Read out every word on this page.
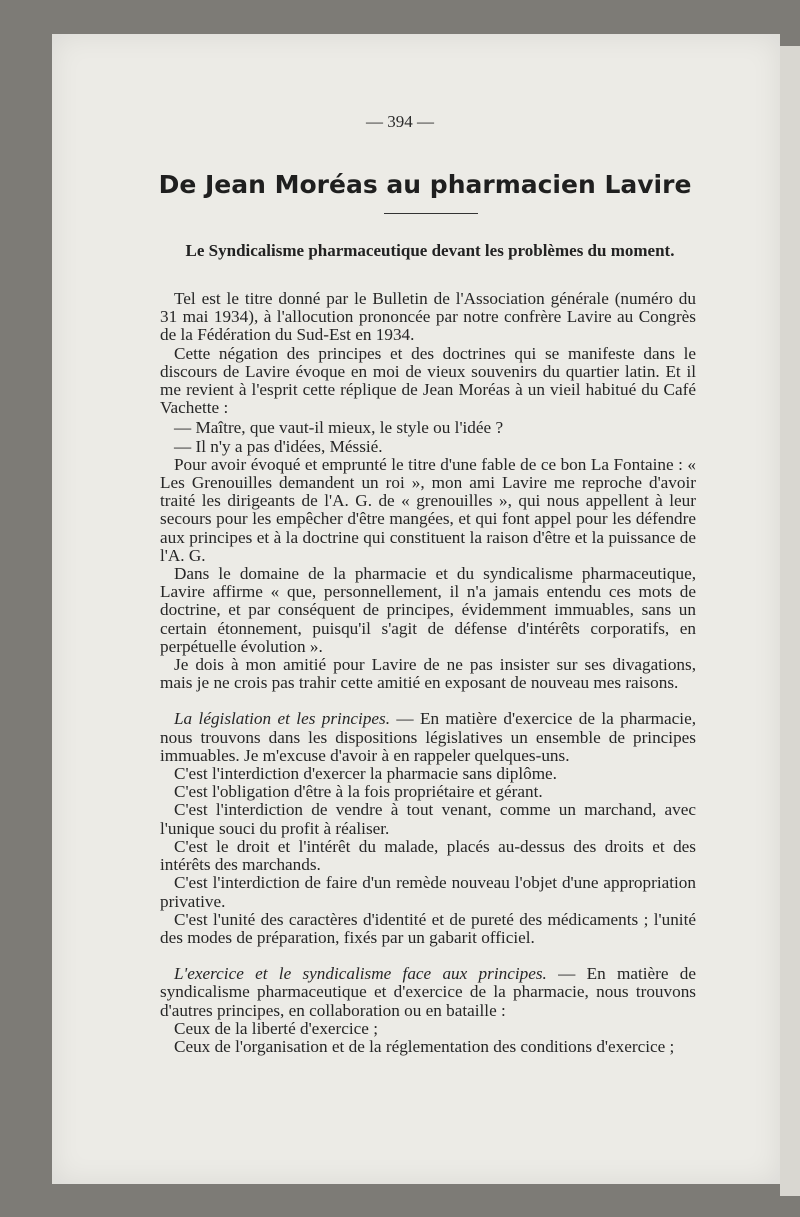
— 394 —
De Jean Moréas au pharmacien Lavire
Le Syndicalisme pharmaceutique devant les problèmes du moment.

Tel est le titre donné par le Bulletin de l'Association générale (numéro du 31 mai 1934), à l'allocution prononcée par notre confrère Lavire au Congrès de la Fédération du Sud-Est en 1934.

Cette négation des principes et des doctrines qui se manifeste dans le discours de Lavire évoque en moi de vieux souvenirs du quartier latin. Et il me revient à l'esprit cette réplique de Jean Moréas à un vieil habitué du Café Vachette :

— Maître, que vaut-il mieux, le style ou l'idée ?

— Il n'y a pas d'idées, Méssié.

Pour avoir évoqué et emprunté le titre d'une fable de ce bon La Fontaine : « Les Grenouilles demandent un roi », mon ami Lavire me reproche d'avoir traité les dirigeants de l'A. G. de « grenouilles », qui nous appellent à leur secours pour les empêcher d'être mangées, et qui font appel pour les défendre aux principes et à la doctrine qui constituent la raison d'être et la puissance de l'A. G.

Dans le domaine de la pharmacie et du syndicalisme pharmaceutique, Lavire affirme « que, personnellement, il n'a jamais entendu ces mots de doctrine, et par conséquent de principes, évidemment immuables, sans un certain étonnement, puisqu'il s'agit de défense d'intérêts corporatifs, en perpétuelle évolution ».

Je dois à mon amitié pour Lavire de ne pas insister sur ses divagations, mais je ne crois pas trahir cette amitié en exposant de nouveau mes raisons.

La législation et les principes. — En matière d'exercice de la pharmacie, nous trouvons dans les dispositions législatives un ensemble de principes immuables. Je m'excuse d'avoir à en rappeler quelques-uns.

C'est l'interdiction d'exercer la pharmacie sans diplôme.

C'est l'obligation d'être à la fois propriétaire et gérant.

C'est l'interdiction de vendre à tout venant, comme un marchand, avec l'unique souci du profit à réaliser.

C'est le droit et l'intérêt du malade, placés au-dessus des droits et des intérêts des marchands.

C'est l'interdiction de faire d'un remède nouveau l'objet d'une appropriation privative.

C'est l'unité des caractères d'identité et de pureté des médicaments ; l'unité des modes de préparation, fixés par un gabarit officiel.

L'exercice et le syndicalisme face aux principes. — En matière de syndicalisme pharmaceutique et d'exercice de la pharmacie, nous trouvons d'autres principes, en collaboration ou en bataille :

Ceux de la liberté d'exercice ;

Ceux de l'organisation et de la réglementation des conditions d'exercice ;
